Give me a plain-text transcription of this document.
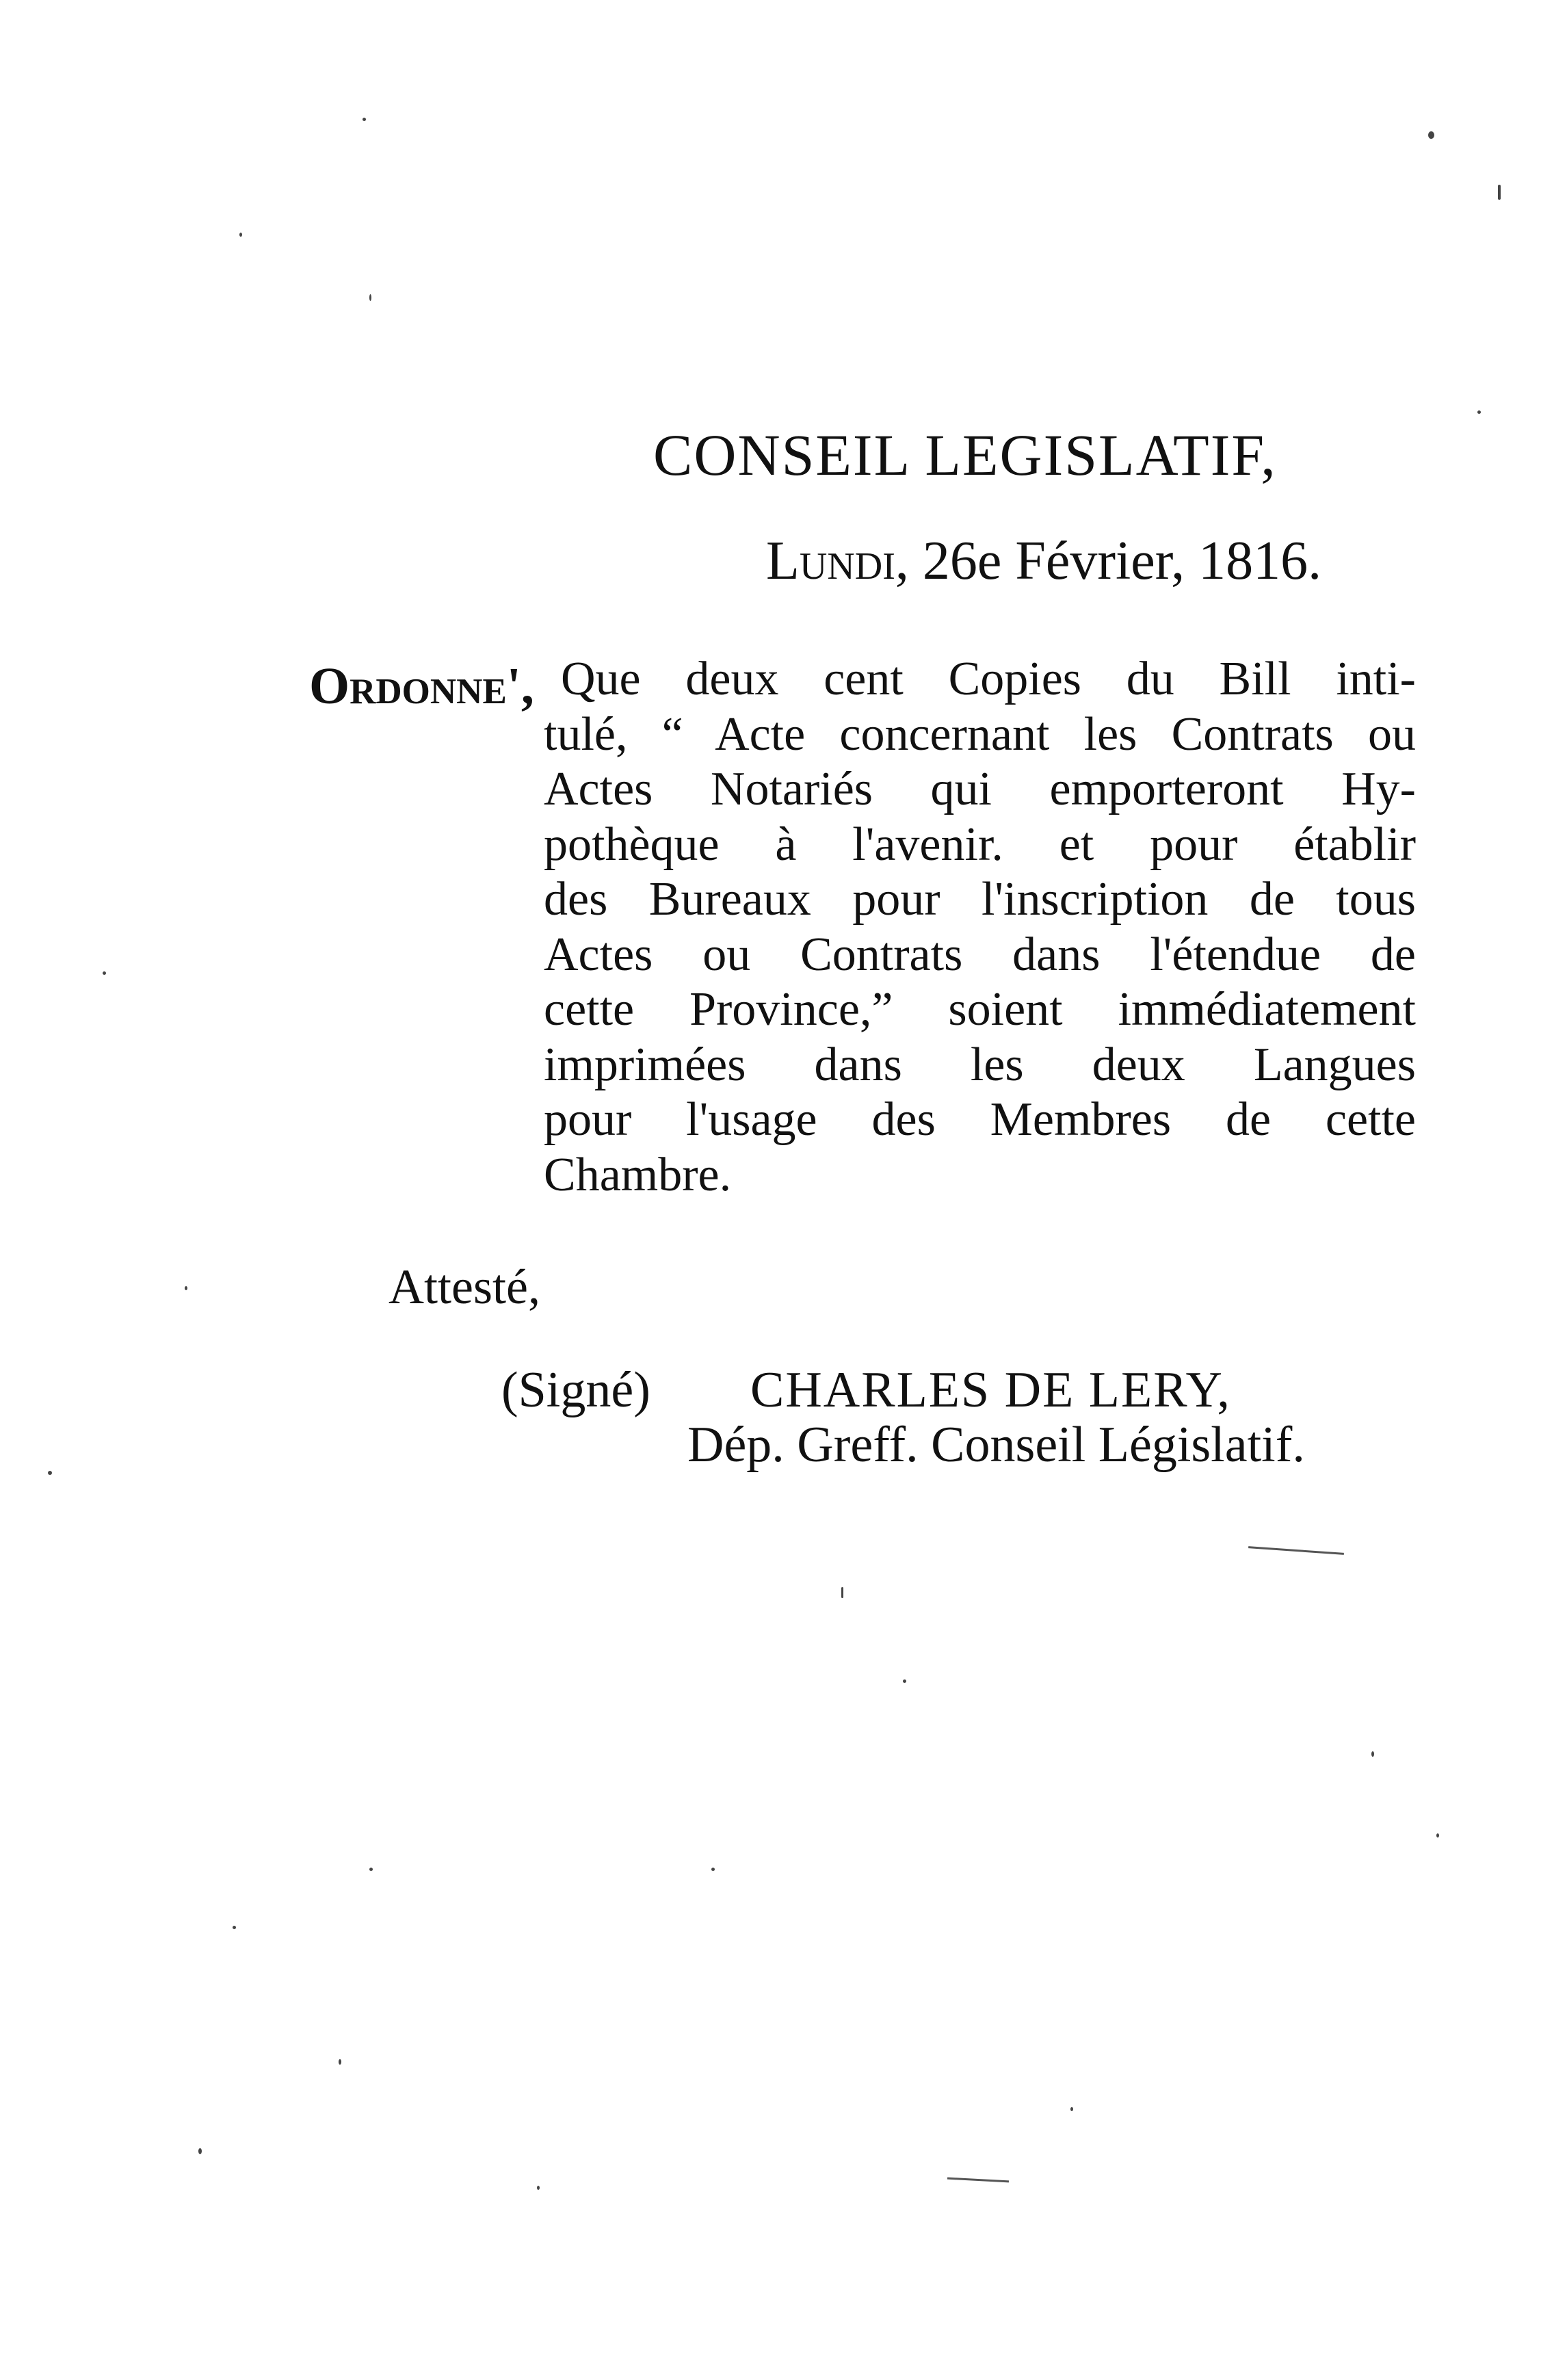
CONSEIL LEGISLATIF,
Lundi, 26e Février, 1816.
Ordonne', Que deux cent Copies du Bill inti-
tulé, “ Acte concernant les Contrats ou
Actes Notariés qui emporteront Hy-
pothèque à l'avenir. et pour établir
des Bureaux pour l'inscription de tous
Actes ou Contrats dans l'étendue de
cette Province,” soient immédiatement
imprimées dans les deux Langues
pour l'usage des Membres de cette
Chambre.
Attesté,
(Signé) CHARLES DE LERY,
Dép. Greff. Conseil Législatif.
